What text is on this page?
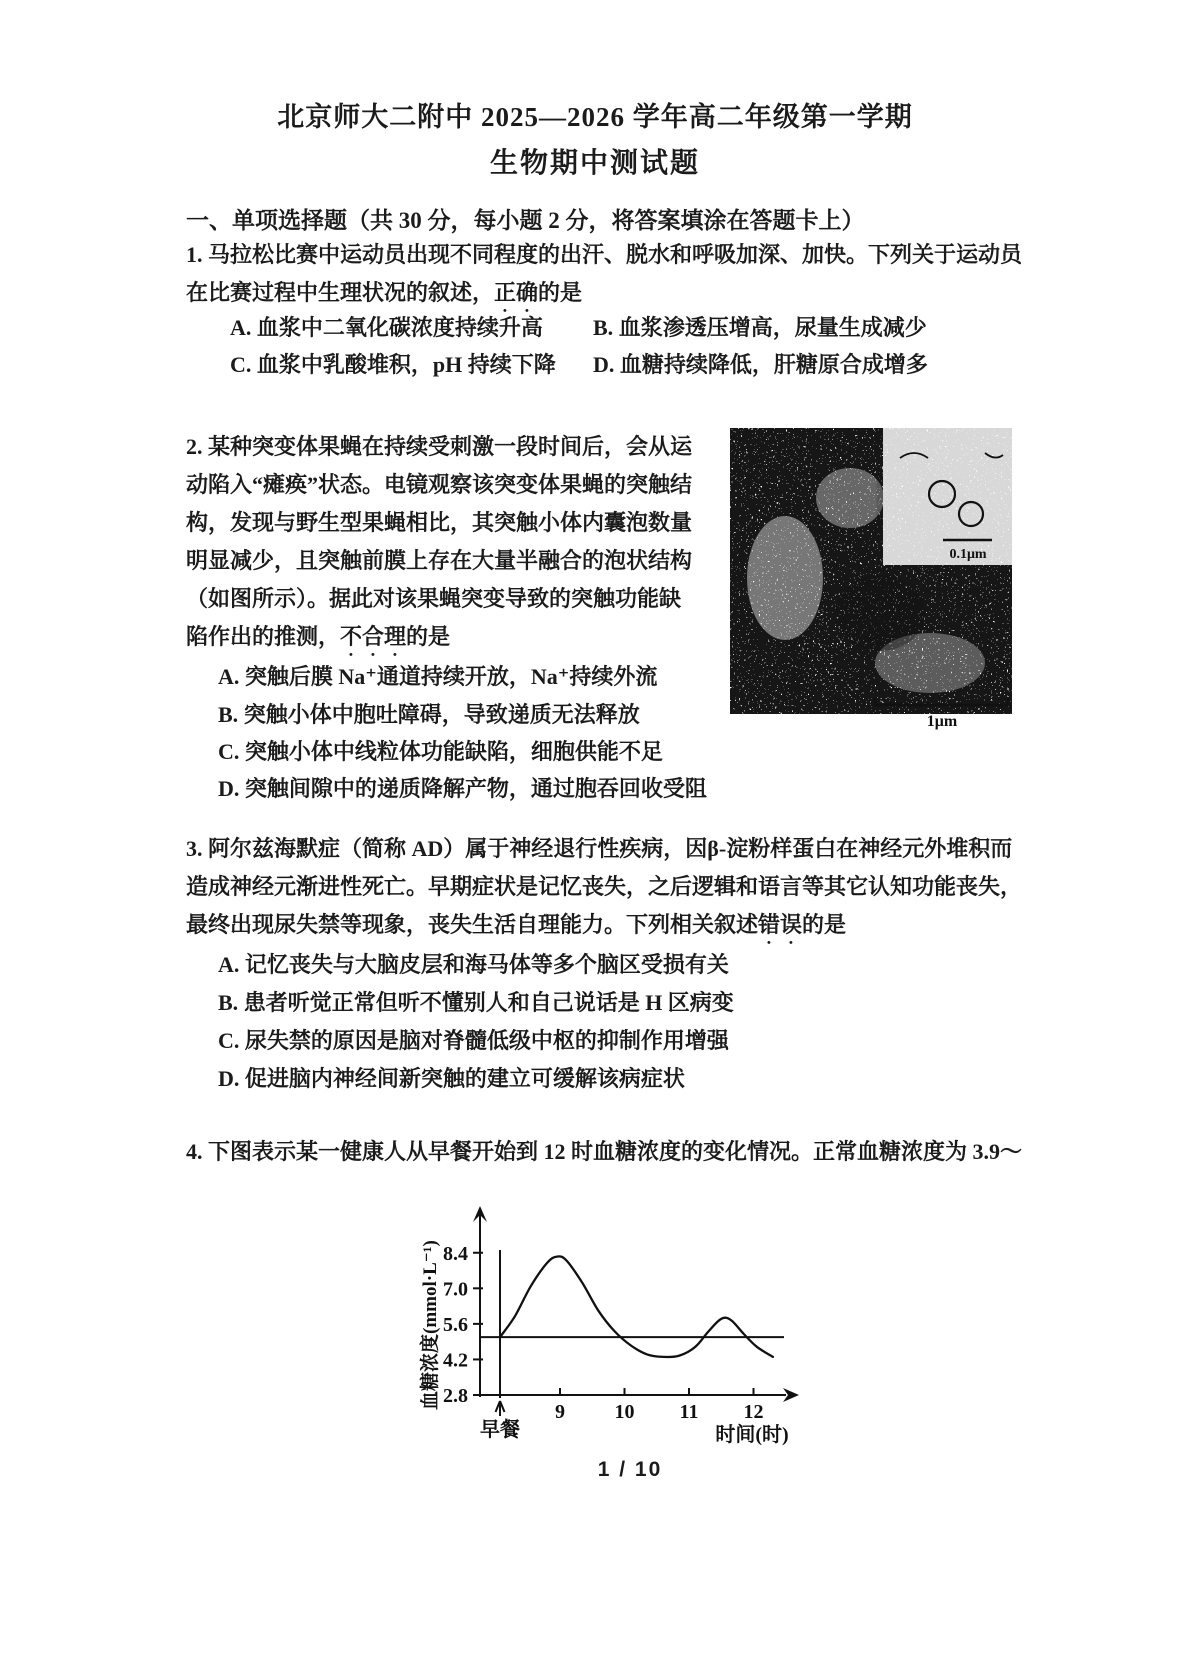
北京师大二附中 2025—2026 学年高二年级第一学期
生物期中测试题
一、单项选择题（共 30 分，每小题 2 分，将答案填涂在答题卡上）
1. 马拉松比赛中运动员出现不同程度的出汗、脱水和呼吸加深、加快。下列关于运动员
在比赛过程中生理状况的叙述，正确的是
A. 血浆中二氧化碳浓度持续升高 B. 血浆渗透压增高，尿量生成减少
C. 血浆中乳酸堆积，pH 持续下降 D. 血糖持续降低，肝糖原合成增多
2. 某种突变体果蝇在持续受刺激一段时间后，会从运
动陷入“瘫痪”状态。电镜观察该突变体果蝇的突触结
构，发现与野生型果蝇相比，其突触小体内囊泡数量
明显减少，且突触前膜上存在大量半融合的泡状结构
（如图所示）。据此对该果蝇突变导致的突触功能缺
陷作出的推测，不合理的是
0.1μm
1μm
A. 突触后膜 Na⁺通道持续开放，Na⁺持续外流
B. 突触小体中胞吐障碍，导致递质无法释放
C. 突触小体中线粒体功能缺陷，细胞供能不足
D. 突触间隙中的递质降解产物，通过胞吞回收受阻
3. 阿尔兹海默症（简称 AD）属于神经退行性疾病，因β-淀粉样蛋白在神经元外堆积而
造成神经元渐进性死亡。早期症状是记忆丧失，之后逻辑和语言等其它认知功能丧失，
最终出现尿失禁等现象，丧失生活自理能力。下列相关叙述错误的是
A. 记忆丧失与大脑皮层和海马体等多个脑区受损有关
B. 患者听觉正常但听不懂别人和自己说话是 H 区病变
C. 尿失禁的原因是脑对脊髓低级中枢的抑制作用增强
D. 促进脑内神经间新突触的建立可缓解该病症状
4. 下图表示某一健康人从早餐开始到 12 时血糖浓度的变化情况。正常血糖浓度为 3.9～
2.8
4.2
5.6
7.0
8.4
9 10 11 12
早餐	时间(时)
血糖浓度(mmol·L⁻¹)
1 / 10
